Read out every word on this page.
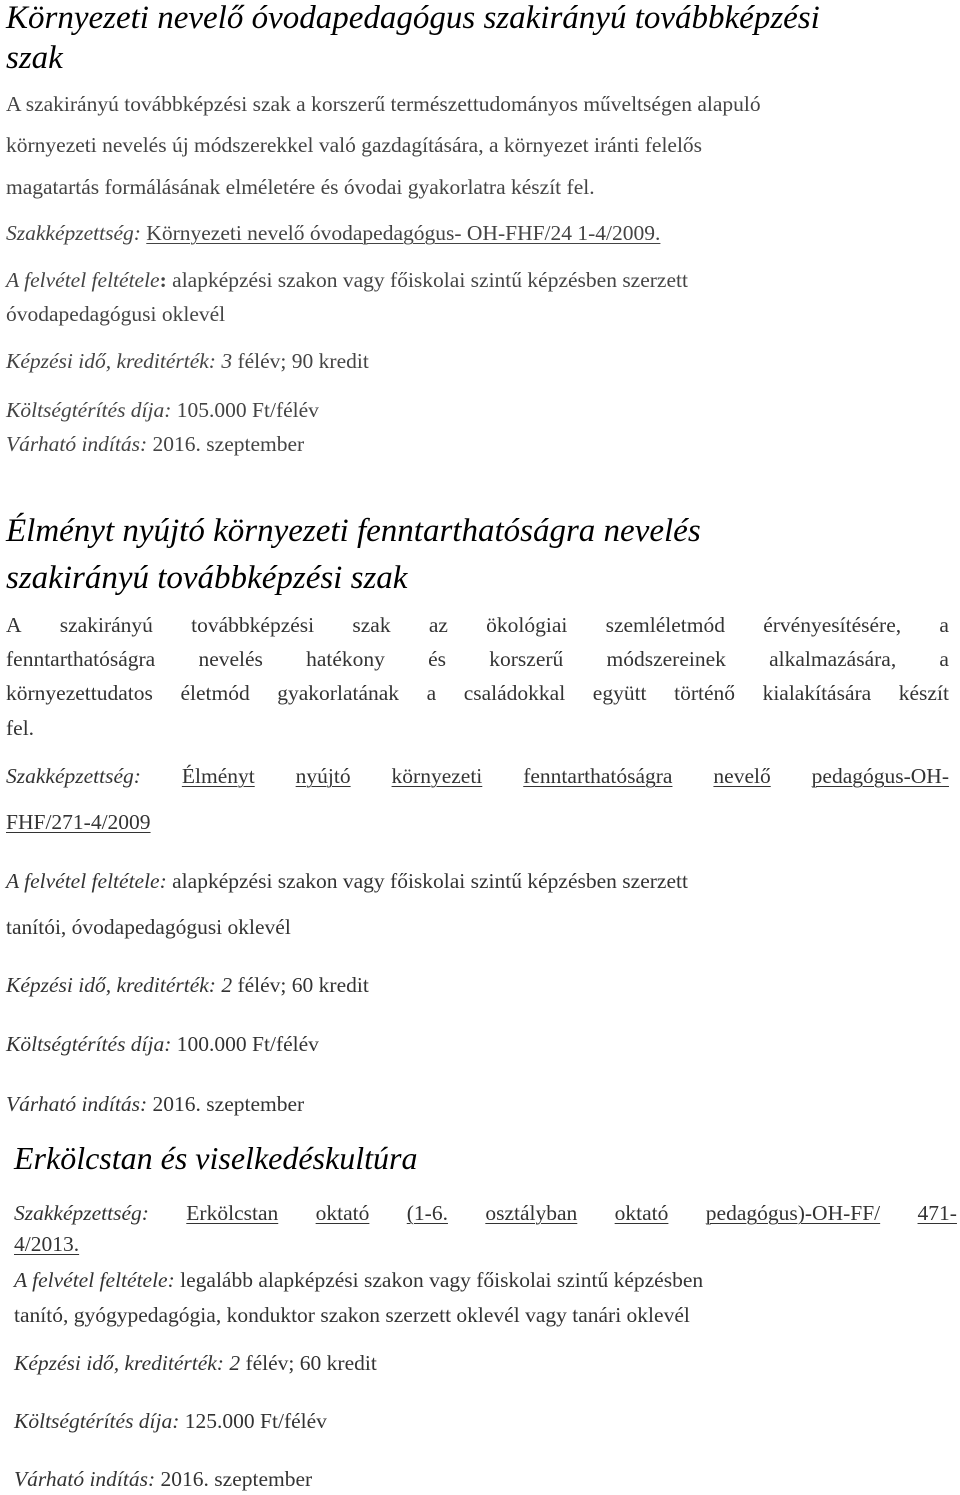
Környezeti nevelő óvodapedagógus szakirányú továbbképzési
szak
A szakirányú továbbképzési szak a korszerű természettudományos műveltségen alapuló
környezeti nevelés új módszerekkel való gazdagítására, a környezet iránti felelős
magatartás formálásának elméletére és óvodai gyakorlatra készít fel.
Szakképzettség: Környezeti nevelő óvodapedagógus- OH-FHF/24 1-4/2009.
A felvétel feltétele: alapképzési szakon vagy főiskolai szintű képzésben szerzett
óvodapedagógusi oklevél
Képzési idő, kreditérték: 3 félév; 90 kredit
Költségtérítés díja: 105.000 Ft/félév
Várható indítás: 2016. szeptember
Élményt nyújtó környezeti fenntarthatóságra nevelés
szakirányú továbbképzési szak
A szakirányú továbbképzési szak az ökológiai szemléletmód érvényesítésére, a
fenntarthatóságra nevelés hatékony és korszerű módszereinek alkalmazására, a
környezettudatos életmód gyakorlatának a családokkal együtt történő kialakítására készít
fel.
Szakképzettség: Élményt nyújtó környezeti fenntarthatóságra nevelő pedagógus-OH-
FHF/271-4/2009
A felvétel feltétele: alapképzési szakon vagy főiskolai szintű képzésben szerzett
tanítói, óvodapedagógusi oklevél
Képzési idő, kreditérték: 2 félév; 60 kredit
Költségtérítés díja: 100.000 Ft/félév
Várható indítás: 2016. szeptember
Erkölcstan és viselkedéskultúra
Szakképzettség: Erkölcstan oktató (1-6. osztályban oktató pedagógus)-OH-FF/ 471-
4/2013.
A felvétel feltétele: legalább alapképzési szakon vagy főiskolai szintű képzésben
tanító, gyógypedagógia, konduktor szakon szerzett oklevél vagy tanári oklevél
Képzési idő, kreditérték: 2 félév; 60 kredit
Költségtérítés díja: 125.000 Ft/félév
Várható indítás: 2016. szeptember
